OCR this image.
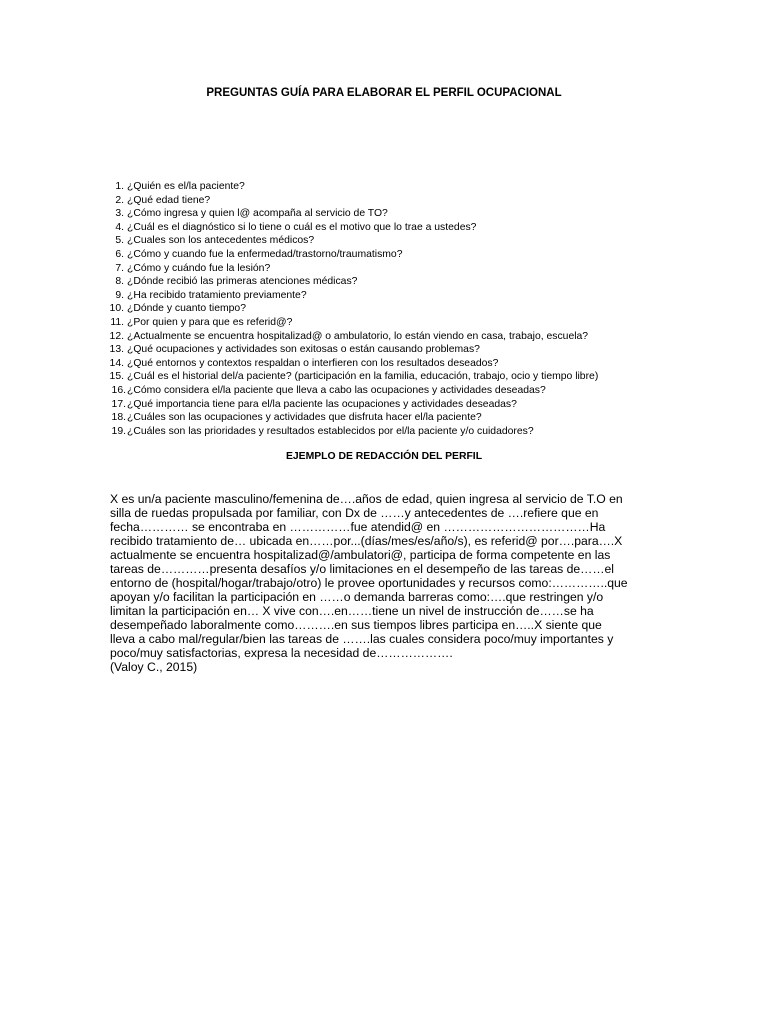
PREGUNTAS GUÍA PARA ELABORAR EL PERFIL OCUPACIONAL
1. ¿Quién es el/la paciente?
2. ¿Qué edad tiene?
3. ¿Cómo ingresa y quien l@ acompaña al servicio de TO?
4. ¿Cuál es el diagnóstico si lo tiene o cuál es el motivo que lo trae a ustedes?
5. ¿Cuales son los antecedentes médicos?
6. ¿Cómo y cuando fue la enfermedad/trastorno/traumatismo?
7. ¿Cómo y cuándo fue la lesión?
8. ¿Dónde recibió las primeras atenciones médicas?
9. ¿Ha recibido tratamiento previamente?
10. ¿Dónde y cuanto tiempo?
11. ¿Por quien y para que es referid@?
12. ¿Actualmente se encuentra hospitalizad@ o ambulatorio, lo están viendo en casa, trabajo, escuela?
13. ¿Qué ocupaciones y actividades son exitosas o están causando problemas?
14. ¿Qué entornos y contextos respaldan o interfieren con los resultados deseados?
15. ¿Cuál es el historial del/a paciente? (participación en la familia, educación, trabajo, ocio y tiempo libre)
16. ¿Cómo considera el/la paciente que lleva a cabo las ocupaciones y actividades deseadas?
17. ¿Qué importancia tiene para el/la paciente las ocupaciones y actividades deseadas?
18. ¿Cuáles son las ocupaciones y actividades que disfruta hacer el/la paciente?
19. ¿Cuáles son las prioridades y resultados establecidos por el/la paciente y/o cuidadores?
EJEMPLO DE REDACCIÓN DEL PERFIL
X es un/a paciente masculino/femenina de….años de edad, quien ingresa al servicio de T.O en
silla de ruedas propulsada por familiar, con Dx de ……y antecedentes de ….refiere que en
fecha………… se encontraba en ……………fue atendid@ en ………………………………Ha
recibido tratamiento de… ubicada en……por...(días/mes/es/año/s), es referid@ por….para….X
actualmente se encuentra hospitalizad@/ambulatori@, participa de forma competente en las
tareas de…………presenta desafíos y/o limitaciones en el desempeño de las tareas de……el
entorno de (hospital/hogar/trabajo/otro) le provee oportunidades y recursos como:…………..que
apoyan y/o facilitan la participación en ……o demanda barreras como:….que restringen y/o
limitan la participación en… X vive con….en……tiene un nivel de instrucción de……se ha
desempeñado laboralmente como……….en sus tiempos libres participa en…..X siente que
lleva a cabo mal/regular/bien las tareas de …….las cuales considera poco/muy importantes y
poco/muy satisfactorias, expresa la necesidad de……………….
(Valoy C., 2015)
